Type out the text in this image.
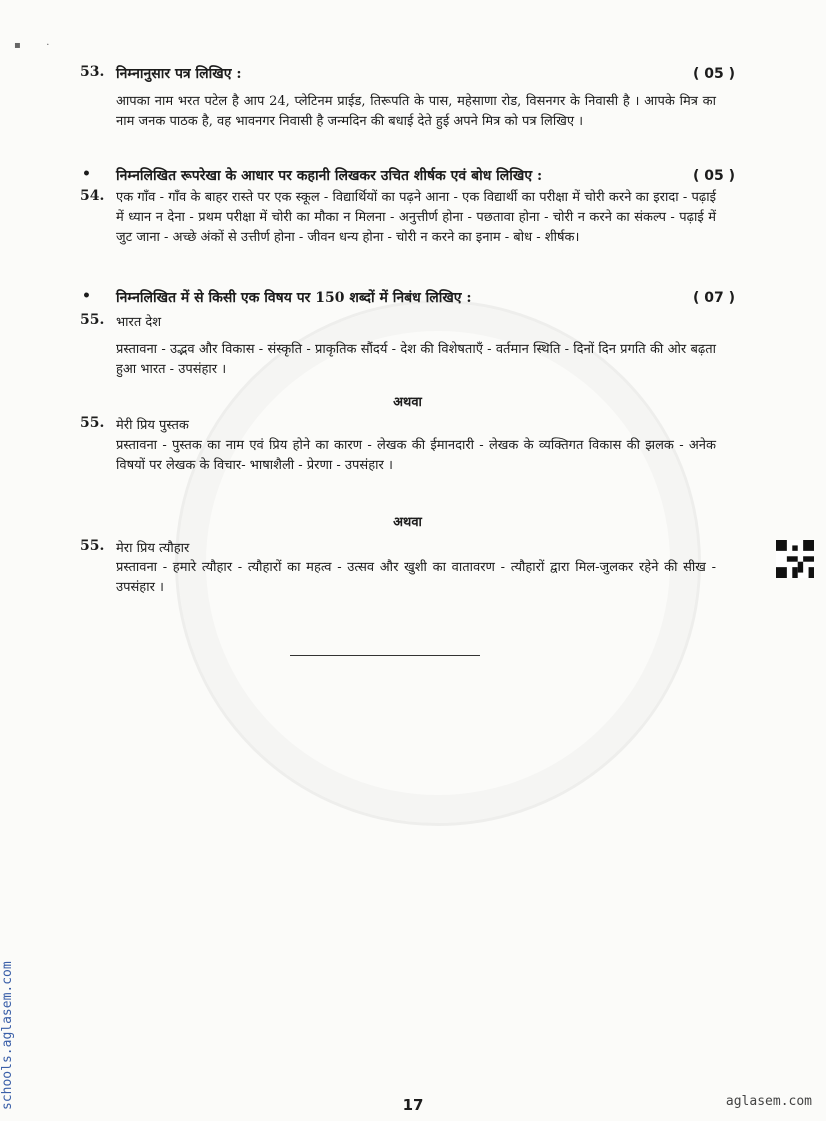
▪        ·
53. निम्नानुसार पत्र लिखिए :	( 05 )
आपका नाम भरत पटेल है आप 24, प्लेटिनम प्राईड, तिरूपति के पास, महेसाणा रोड, विसनगर के निवासी है । आपके मित्र का नाम जनक पाठक है, वह भावनगर निवासी है जन्मदिन की बधाई देते हुई अपने मित्र को पत्र लिखिए ।
• निम्नलिखित रूपरेखा के आधार पर कहानी लिखकर उचित शीर्षक एवं बोध लिखिए :	( 05 )
54. एक गाँव - गाँव के बाहर रास्ते पर एक स्कूल - विद्यार्थियों का पढ़ने आना - एक विद्यार्थी का परीक्षा में चोरी करने का इरादा - पढ़ाई में ध्यान न देना - प्रथम परीक्षा में चोरी का मौका न मिलना - अनुत्तीर्ण होना - पछतावा होना - चोरी न करने का संकल्प - पढ़ाई में जुट जाना - अच्छे अंकों से उत्तीर्ण होना - जीवन धन्य होना - चोरी न करने का इनाम - बोध - शीर्षक।
• निम्नलिखित में से किसी एक विषय पर 150 शब्दों में निबंध लिखिए :	( 07 )
55. भारत देश
प्रस्तावना - उद्भव और विकास - संस्कृति - प्राकृतिक सौंदर्य - देश की विशेषताएँ - वर्तमान स्थिति - दिनों दिन प्रगति की ओर बढ़ता हुआ भारत - उपसंहार ।
अथवा
55. मेरी प्रिय पुस्तक
प्रस्तावना - पुस्तक का नाम एवं प्रिय होने का कारण - लेखक की ईमानदारी - लेखक के व्यक्तिगत विकास की झलक - अनेक विषयों पर लेखक के विचार- भाषाशैली - प्रेरणा - उपसंहार ।
अथवा
55. मेरा प्रिय त्यौहार
प्रस्तावना - हमारे त्यौहार - त्यौहारों का महत्व - उत्सव और खुशी का वातावरण - त्यौहारों द्वारा मिल-जुलकर रहेने की सीख - उपसंहार ।
17	aglasem.com
schools.aglasem.com
